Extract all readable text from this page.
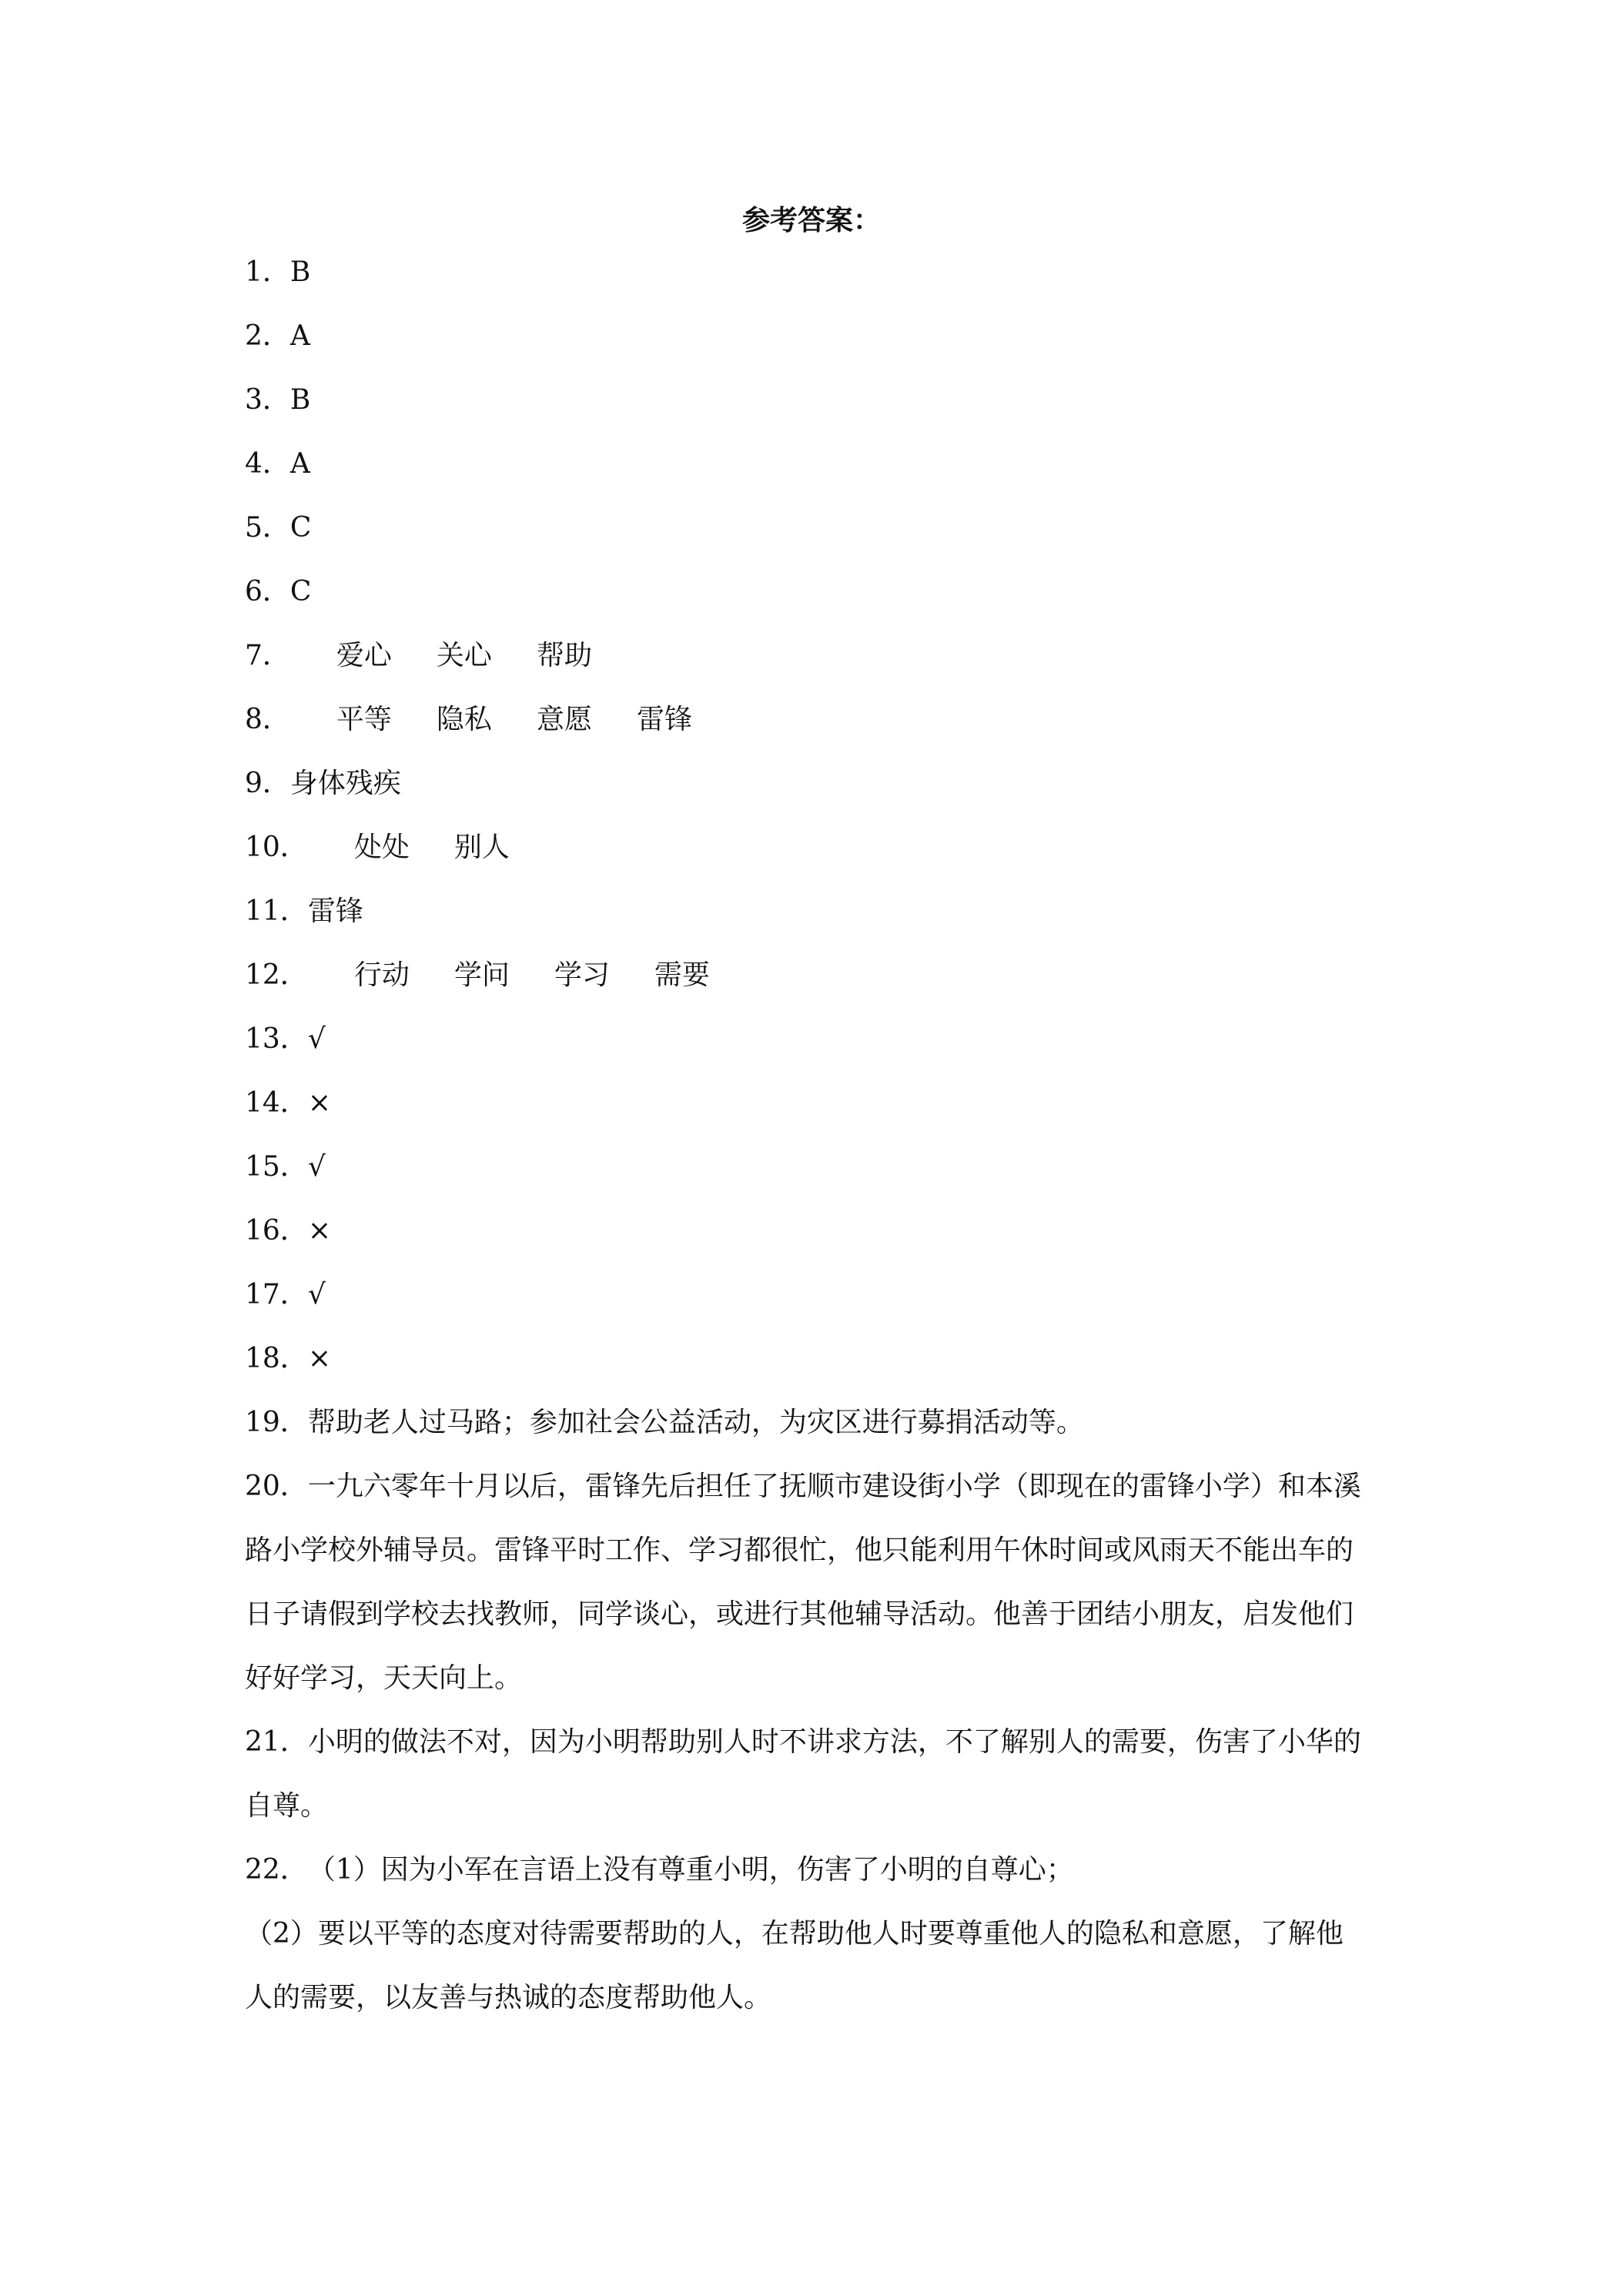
参考答案：
1．B
2．A
3．B
4．A
5．C
6．C
7． 爱心 关心 帮助
8． 平等 隐私 意愿 雷锋
9．身体残疾
10． 处处 别人
11．雷锋
12． 行动 学问 学习 需要
13．√
14．×
15．√
16．×
17．√
18．×
19．帮助老人过马路；参加社会公益活动，为灾区进行募捐活动等。
20．一九六零年十月以后，雷锋先后担任了抚顺市建设街小学（即现在的雷锋小学）和本溪
路小学校外辅导员。雷锋平时工作、学习都很忙，他只能利用午休时间或风雨天不能出车的
日子请假到学校去找教师，同学谈心，或进行其他辅导活动。他善于团结小朋友，启发他们
好好学习，天天向上。
21．小明的做法不对，因为小明帮助别人时不讲求方法，不了解别人的需要，伤害了小华的
自尊。
22．（1）因为小军在言语上没有尊重小明，伤害了小明的自尊心；
（2）要以平等的态度对待需要帮助的人，在帮助他人时要尊重他人的隐私和意愿，了解他
人的需要，以友善与热诚的态度帮助他人。
